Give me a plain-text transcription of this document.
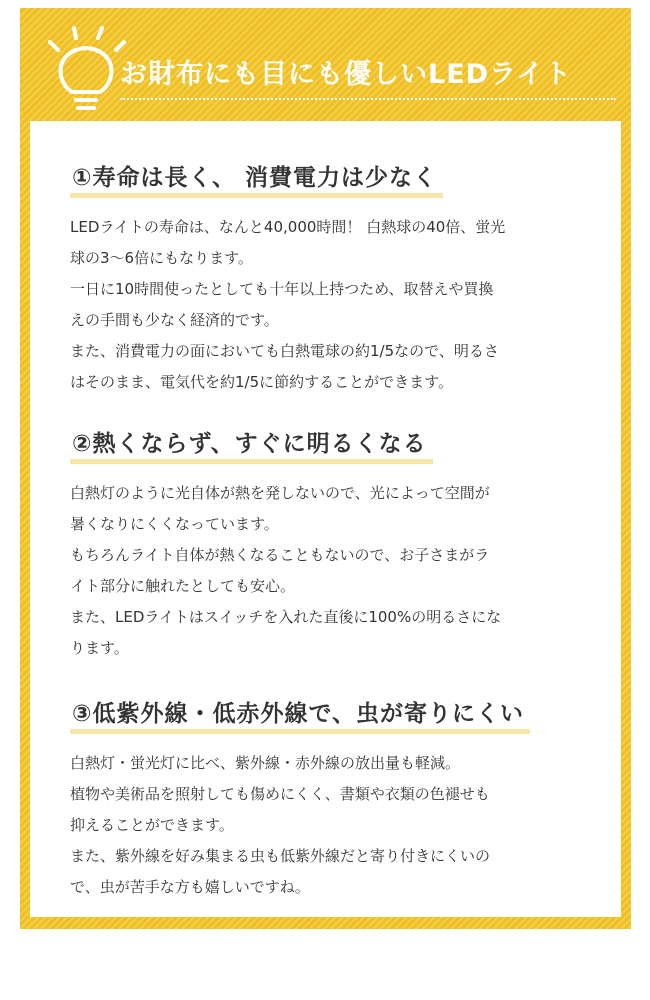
お財布にも目にも優しいLEDライト
①寿命は長く、 消費電力は少なく

LEDライトの寿命は、なんと40,000時間！ 白熱球の40倍、蛍光

球の3〜6倍にもなります。

一日に10時間使ったとしても十年以上持つため、取替えや買換

えの手間も少なく経済的です。

また、消費電力の面においても白熱電球の約1/5なので、明るさ

はそのまま、電気代を約1/5に節約することができます。

②熱くならず、すぐに明るくなる

白熱灯のように光自体が熱を発しないので、光によって空間が

暑くなりにくくなっています。

もちろんライト自体が熱くなることもないので、お子さまがラ

イト部分に触れたとしても安心。

また、LEDライトはスイッチを入れた直後に100%の明るさにな

ります。

③低紫外線・低赤外線で、虫が寄りにくい

白熱灯・蛍光灯に比べ、紫外線・赤外線の放出量も軽減。

植物や美術品を照射しても傷めにくく、書類や衣類の色褪せも

抑えることができます。

また、紫外線を好み集まる虫も低紫外線だと寄り付きにくいの

で、虫が苦手な方も嬉しいですね。
